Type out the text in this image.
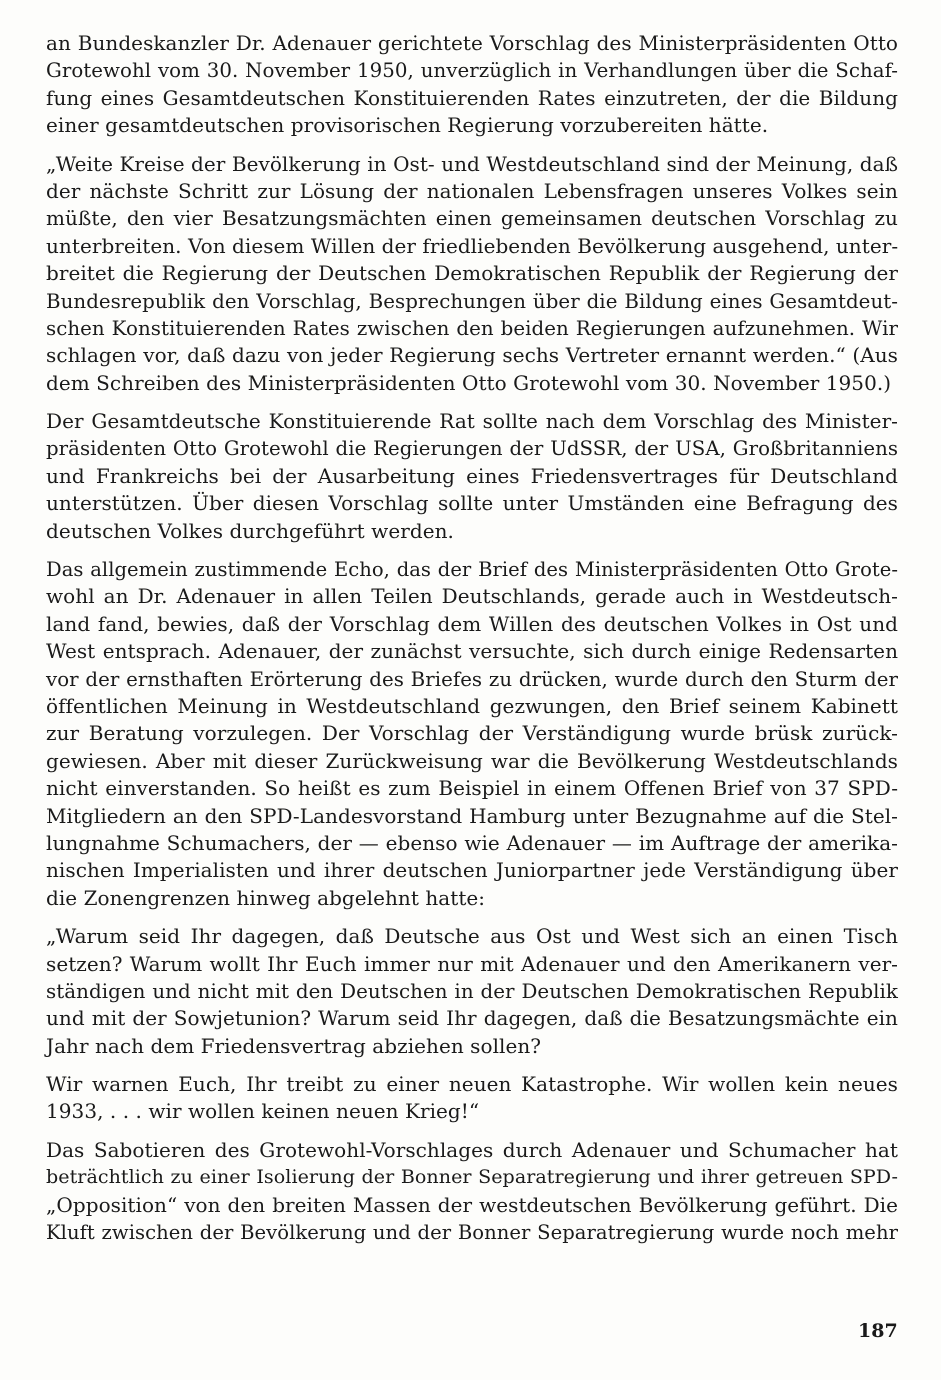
an Bundeskanzler Dr. Adenauer gerichtete Vorschlag des Ministerpräsidenten Otto
Grotewohl vom 30. November 1950, unverzüglich in Verhandlungen über die Schaf-
fung eines Gesamtdeutschen Konstituierenden Rates einzutreten, der die Bildung
einer gesamtdeutschen provisorischen Regierung vorzubereiten hätte.
„Weite Kreise der Bevölkerung in Ost- und Westdeutschland sind der Meinung, daß
der nächste Schritt zur Lösung der nationalen Lebensfragen unseres Volkes sein
müßte, den vier Besatzungsmächten einen gemeinsamen deutschen Vorschlag zu
unterbreiten. Von diesem Willen der friedliebenden Bevölkerung ausgehend, unter-
breitet die Regierung der Deutschen Demokratischen Republik der Regierung der
Bundesrepublik den Vorschlag, Besprechungen über die Bildung eines Gesamtdeut-
schen Konstituierenden Rates zwischen den beiden Regierungen aufzunehmen. Wir
schlagen vor, daß dazu von jeder Regierung sechs Vertreter ernannt werden.“ (Aus
dem Schreiben des Ministerpräsidenten Otto Grotewohl vom 30. November 1950.)
Der Gesamtdeutsche Konstituierende Rat sollte nach dem Vorschlag des Minister-
präsidenten Otto Grotewohl die Regierungen der UdSSR, der USA, Großbritanniens
und Frankreichs bei der Ausarbeitung eines Friedensvertrages für Deutschland
unterstützen. Über diesen Vorschlag sollte unter Umständen eine Befragung des
deutschen Volkes durchgeführt werden.
Das allgemein zustimmende Echo, das der Brief des Ministerpräsidenten Otto Grote-
wohl an Dr. Adenauer in allen Teilen Deutschlands, gerade auch in Westdeutsch-
land fand, bewies, daß der Vorschlag dem Willen des deutschen Volkes in Ost und
West entsprach. Adenauer, der zunächst versuchte, sich durch einige Redensarten
vor der ernsthaften Erörterung des Briefes zu drücken, wurde durch den Sturm der
öffentlichen Meinung in Westdeutschland gezwungen, den Brief seinem Kabinett
zur Beratung vorzulegen. Der Vorschlag der Verständigung wurde brüsk zurück-
gewiesen. Aber mit dieser Zurückweisung war die Bevölkerung Westdeutschlands
nicht einverstanden. So heißt es zum Beispiel in einem Offenen Brief von 37 SPD-
Mitgliedern an den SPD-Landesvorstand Hamburg unter Bezugnahme auf die Stel-
lungnahme Schumachers, der — ebenso wie Adenauer — im Auftrage der amerika-
nischen Imperialisten und ihrer deutschen Juniorpartner jede Verständigung über
die Zonengrenzen hinweg abgelehnt hatte:
„Warum seid Ihr dagegen, daß Deutsche aus Ost und West sich an einen Tisch
setzen? Warum wollt Ihr Euch immer nur mit Adenauer und den Amerikanern ver-
ständigen und nicht mit den Deutschen in der Deutschen Demokratischen Republik
und mit der Sowjetunion? Warum seid Ihr dagegen, daß die Besatzungsmächte ein
Jahr nach dem Friedensvertrag abziehen sollen?
Wir warnen Euch, Ihr treibt zu einer neuen Katastrophe. Wir wollen kein neues
1933, . . . wir wollen keinen neuen Krieg!“
Das Sabotieren des Grotewohl-Vorschlages durch Adenauer und Schumacher hat
beträchtlich zu einer Isolierung der Bonner Separatregierung und ihrer getreuen SPD-
„Opposition“ von den breiten Massen der westdeutschen Bevölkerung geführt. Die
Kluft zwischen der Bevölkerung und der Bonner Separatregierung wurde noch mehr
187
